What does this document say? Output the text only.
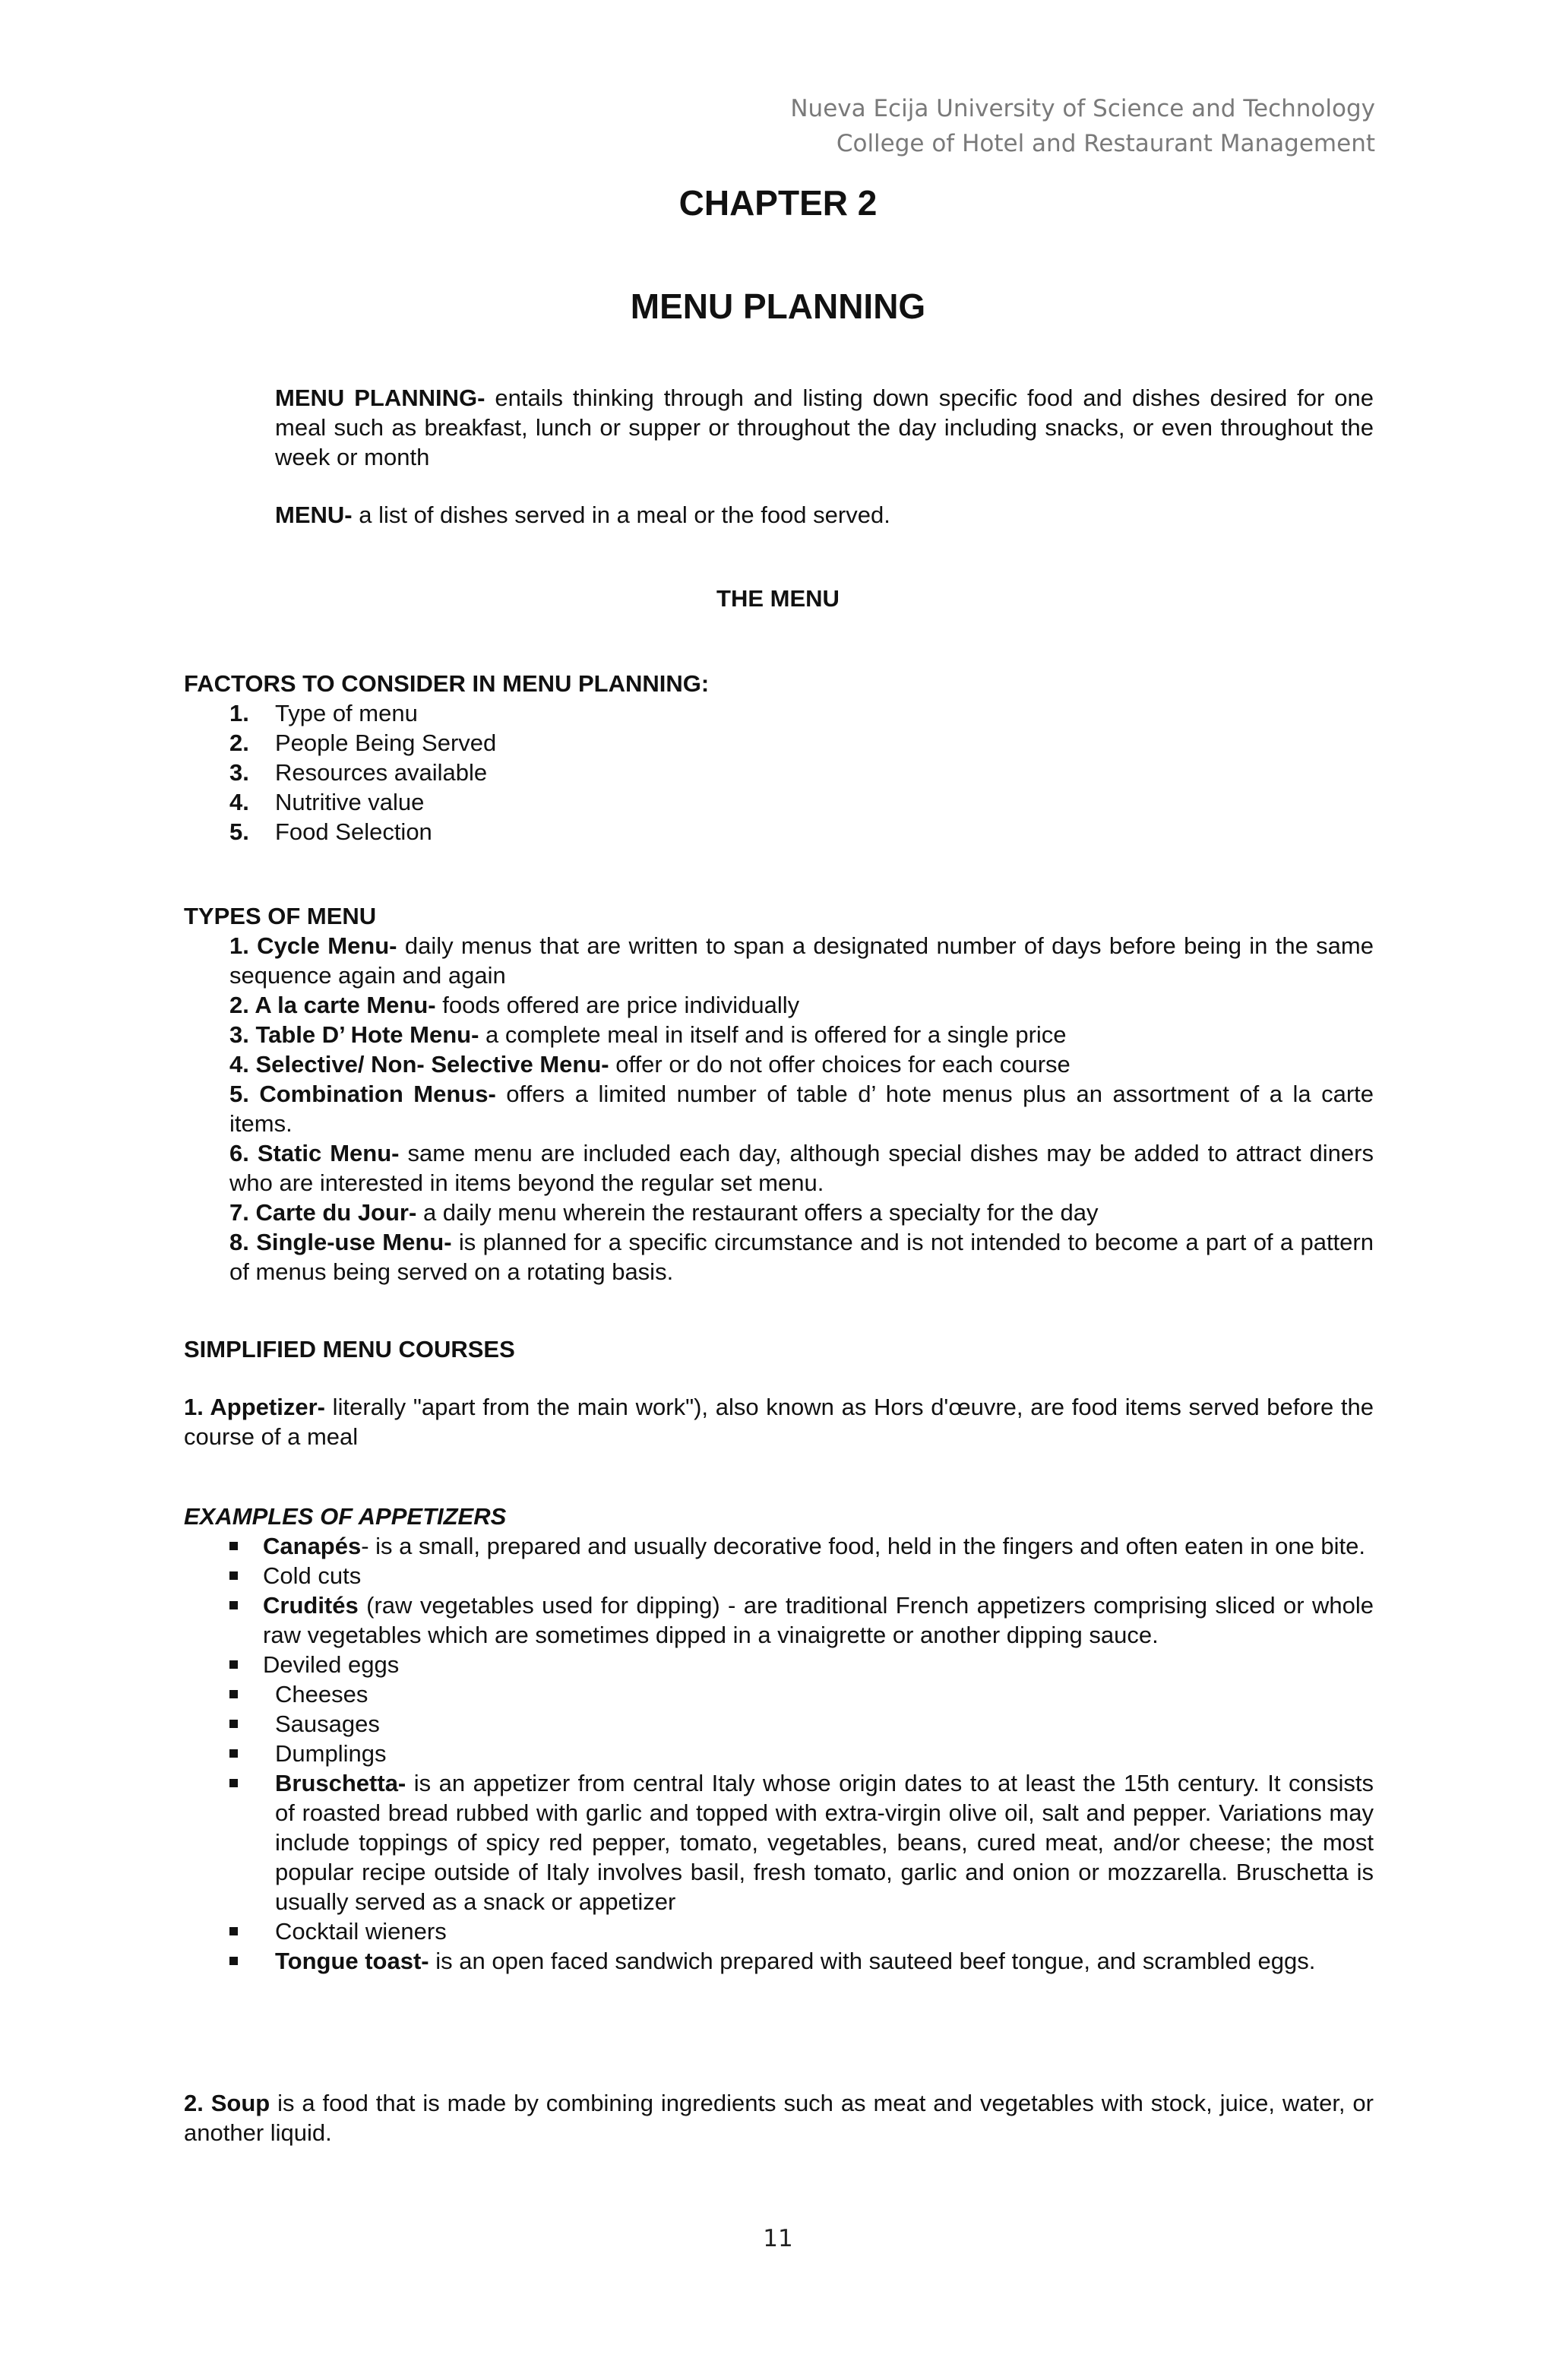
Nueva Ecija University of Science and Technology
College of Hotel and Restaurant Management
CHAPTER 2
MENU PLANNING

MENU PLANNING- entails thinking through and listing down specific food and dishes desired for one meal such as breakfast, lunch or supper or throughout the day including snacks, or even throughout the week or month

MENU- a list of dishes served in a meal or the food served.

THE MENU
FACTORS TO CONSIDER IN MENU PLANNING:
1. Type of menu
2. People Being Served
3. Resources available
4. Nutritive value
5. Food Selection
TYPES OF MENU
1. Cycle Menu- daily menus that are written to span a designated number of days before being in the same sequence again and again
2. A la carte Menu- foods offered are price individually
3. Table D’ Hote Menu- a complete meal in itself and is offered for a single price
4. Selective/ Non- Selective Menu- offer or do not offer choices for each course
5. Combination Menus- offers a limited number of table d’ hote menus plus an assortment of a la carte items.
6. Static Menu- same menu are included each day, although special dishes may be added to attract diners who are interested in items beyond the regular set menu.
7. Carte du Jour- a daily menu wherein the restaurant offers a specialty for the day
8. Single-use Menu- is planned for a specific circumstance and is not intended to become a part of a pattern of menus being served on a rotating basis.
SIMPLIFIED MENU COURSES
1. Appetizer- literally "apart from the main work"), also known as Hors d'œuvre, are food items served before the course of a meal
EXAMPLES OF APPETIZERS
Canapés- is a small, prepared and usually decorative food, held in the fingers and often eaten in one bite.
Cold cuts
Crudités (raw vegetables used for dipping) - are traditional French appetizers comprising sliced or whole raw vegetables which are sometimes dipped in a vinaigrette or another dipping sauce.
Deviled eggs
Cheeses
Sausages
Dumplings
Bruschetta- is an appetizer from central Italy whose origin dates to at least the 15th century. It consists of roasted bread rubbed with garlic and topped with extra-virgin olive oil, salt and pepper. Variations may include toppings of spicy red pepper, tomato, vegetables, beans, cured meat, and/or cheese; the most popular recipe outside of Italy involves basil, fresh tomato, garlic and onion or mozzarella. Bruschetta is usually served as a snack or appetizer
Cocktail wieners
Tongue toast- is an open faced sandwich prepared with sauteed beef tongue, and scrambled eggs.
2. Soup is a food that is made by combining ingredients such as meat and vegetables with stock, juice, water, or another liquid.
11
